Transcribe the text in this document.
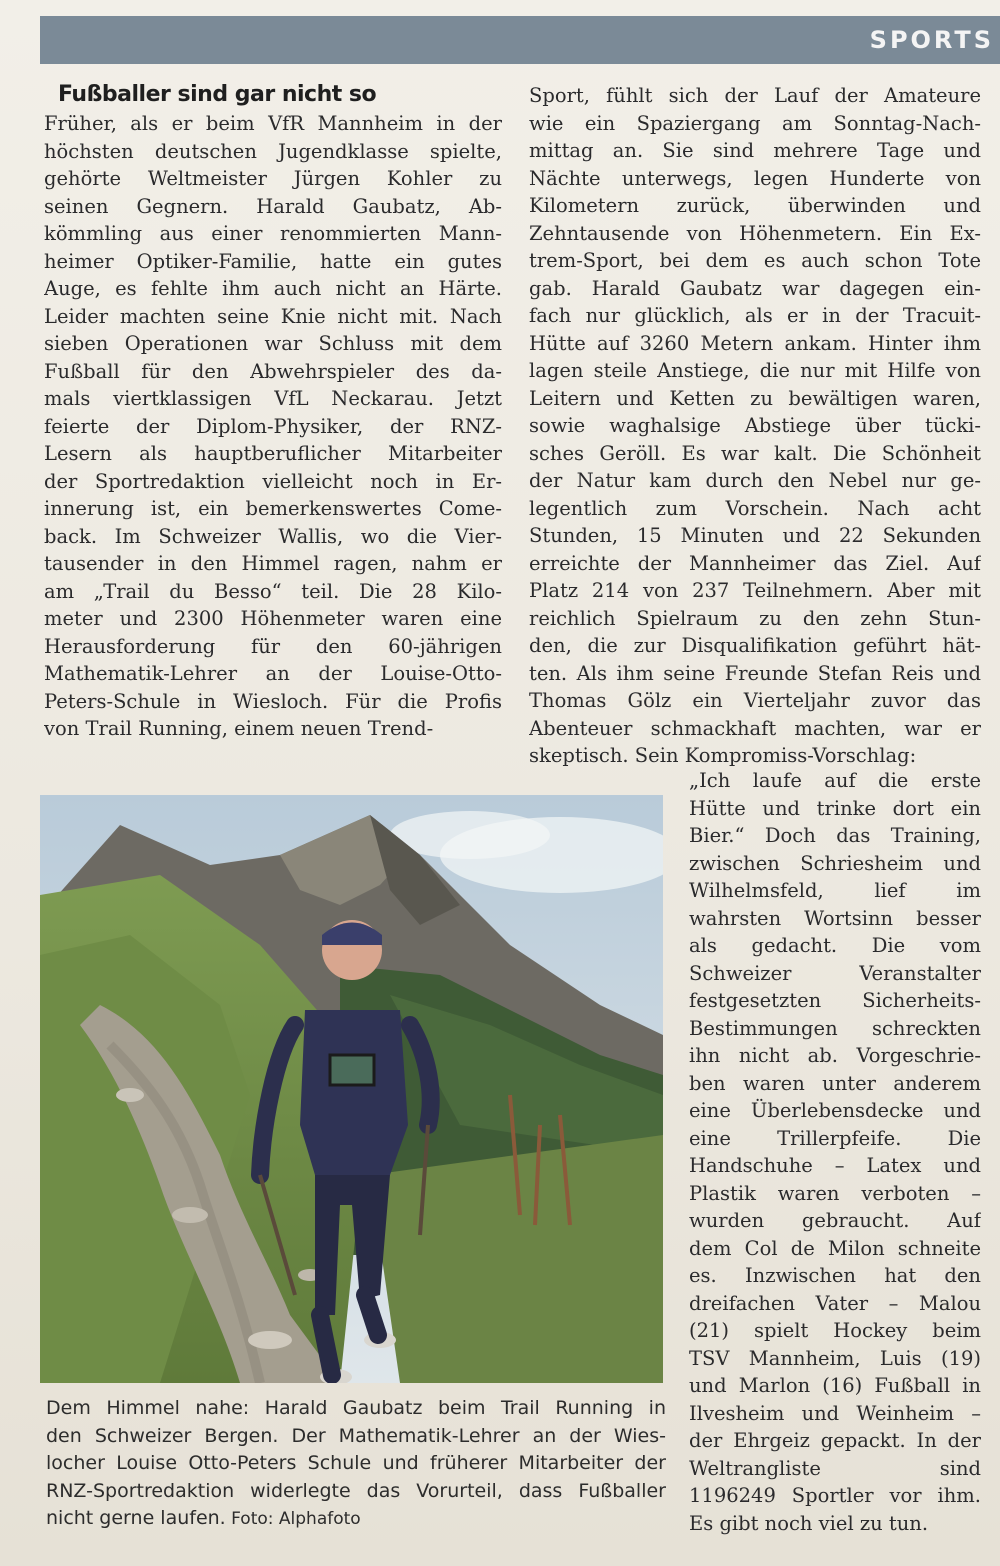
SPORTS
Fußballer sind gar nicht so
Früher, als er beim VfR Mannheim in der
höchsten deutschen Jugendklasse spielte,
gehörte Weltmeister Jürgen Kohler zu
seinen Gegnern. Harald Gaubatz, Ab-
kömmling aus einer renommierten Mann-
heimer Optiker-Familie, hatte ein gutes
Auge, es fehlte ihm auch nicht an Härte.
Leider machten seine Knie nicht mit. Nach
sieben Operationen war Schluss mit dem
Fußball für den Abwehrspieler des da-
mals viertklassigen VfL Neckarau. Jetzt
feierte der Diplom-Physiker, der RNZ-
Lesern als hauptberuflicher Mitarbeiter
der Sportredaktion vielleicht noch in Er-
innerung ist, ein bemerkenswertes Come-
back. Im Schweizer Wallis, wo die Vier-
tausender in den Himmel ragen, nahm er
am „Trail du Besso“ teil. Die 28 Kilo-
meter und 2300 Höhenmeter waren eine
Herausforderung für den 60-jährigen
Mathematik-Lehrer an der Louise-Otto-
Peters-Schule in Wiesloch. Für die Profis
von Trail Running, einem neuen Trend-
Sport, fühlt sich der Lauf der Amateure
wie ein Spaziergang am Sonntag-Nach-
mittag an. Sie sind mehrere Tage und
Nächte unterwegs, legen Hunderte von
Kilometern zurück, überwinden und
Zehntausende von Höhenmetern. Ein Ex-
trem-Sport, bei dem es auch schon Tote
gab. Harald Gaubatz war dagegen ein-
fach nur glücklich, als er in der Tracuit-
Hütte auf 3260 Metern ankam. Hinter ihm
lagen steile Anstiege, die nur mit Hilfe von
Leitern und Ketten zu bewältigen waren,
sowie waghalsige Abstiege über tücki-
sches Geröll. Es war kalt. Die Schönheit
der Natur kam durch den Nebel nur ge-
legentlich zum Vorschein. Nach acht
Stunden, 15 Minuten und 22 Sekunden
erreichte der Mannheimer das Ziel. Auf
Platz 214 von 237 Teilnehmern. Aber mit
reichlich Spielraum zu den zehn Stun-
den, die zur Disqualifikation geführt hät-
ten. Als ihm seine Freunde Stefan Reis und
Thomas Gölz ein Vierteljahr zuvor das
Abenteuer schmackhaft machten, war er
skeptisch. Sein Kompromiss-Vorschlag:
„Ich laufe auf die erste
Hütte und trinke dort ein
Bier.“ Doch das Training,
zwischen Schriesheim und
Wilhelmsfeld, lief im
wahrsten Wortsinn besser
als gedacht. Die vom
Schweizer Veranstalter
festgesetzten Sicherheits-
Bestimmungen schreckten
ihn nicht ab. Vorgeschrie-
ben waren unter anderem
eine Überlebensdecke und
eine Trillerpfeife. Die
Handschuhe – Latex und
Plastik waren verboten –
wurden gebraucht. Auf
dem Col de Milon schneite
es. Inzwischen hat den
dreifachen Vater – Malou
(21) spielt Hockey beim
TSV Mannheim, Luis (19)
und Marlon (16) Fußball in
Ilvesheim und Weinheim –
der Ehrgeiz gepackt. In der
Weltrangliste sind
1196249 Sportler vor ihm.
Es gibt noch viel zu tun.
Dem Himmel nahe: Harald Gaubatz beim Trail Running in
den Schweizer Bergen. Der Mathematik-Lehrer an der Wies-
locher Louise Otto-Peters Schule und früherer Mitarbeiter der
RNZ-Sportredaktion widerlegte das Vorurteil, dass Fußballer
nicht gerne laufen. Foto: Alphafoto
